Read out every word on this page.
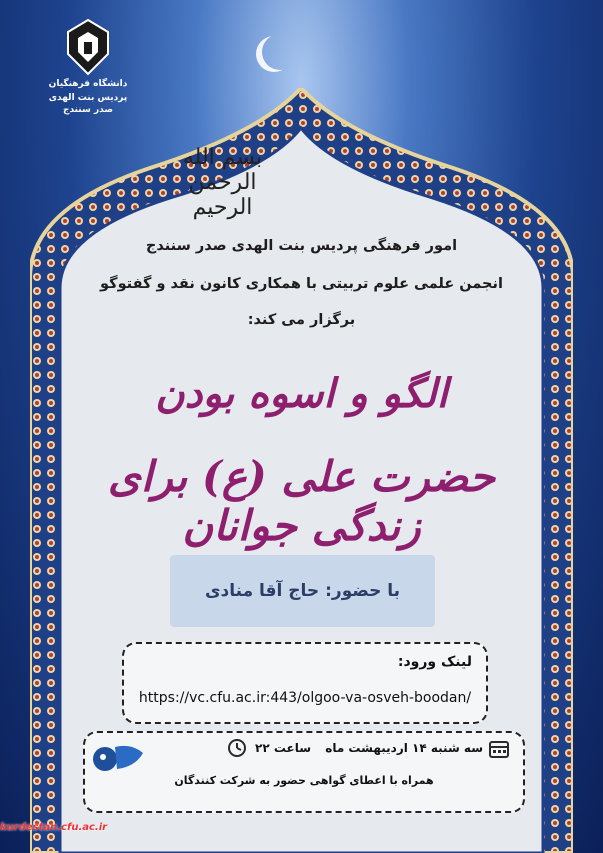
دانشگاه فرهنگیان
پردیس بنت الهدی صدر سنندج
بسم الله الرحمن الرحیم
امور فرهنگی پردیس بنت الهدی صدر سنندج
انجمن علمی علوم تربیتی با همکاری کانون نقد و گفتوگو
برگزار می کند:
الگو و اسوه بودن
حضرت علی (ع) برای زندگی جوانان
با حضور: حاج آقا منادی
لینک ورود:
https://vc.cfu.ac.ir:443/olgoo-va-osveh-boodan/
سه شنبه ۱۴ اردیبهشت ماه
ساعت ۲۲
همراه با اعطای گواهی حضور به شرکت کنندگان
kurdestan.cfu.ac.ir
